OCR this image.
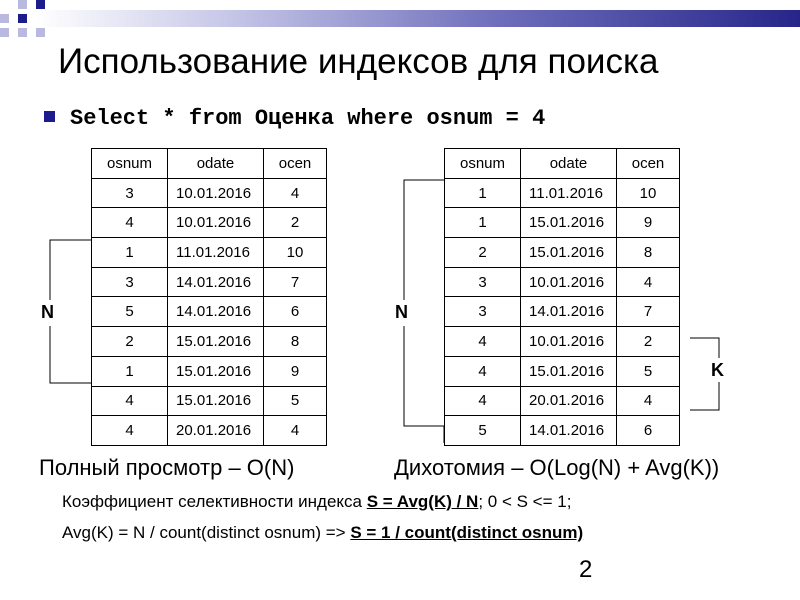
Использование индексов для поиска
Select * from Оценка where osnum = 4
osnum	odate	ocen
3	10.01.2016	4
4	10.01.2016	2
1	11.01.2016	10
3	14.01.2016	7
5	14.01.2016	6
2	15.01.2016	8
1	15.01.2016	9
4	15.01.2016	5
4	20.01.2016	4
osnum	odate	ocen
1	11.01.2016	10
1	15.01.2016	9
2	15.01.2016	8
3	10.01.2016	4
3	14.01.2016	7
4	10.01.2016	2
4	15.01.2016	5
4	20.01.2016	4
5	14.01.2016	6
N	N
K
Полный просмотр – O(N)	Дихотомия – O(Log(N) + Avg(K))
Коэффициент селективности индекса S = Avg(K) / N; 0 < S <= 1;
Avg(K) = N / count(distinct osnum) => S = 1 / count(distinct osnum)
2
